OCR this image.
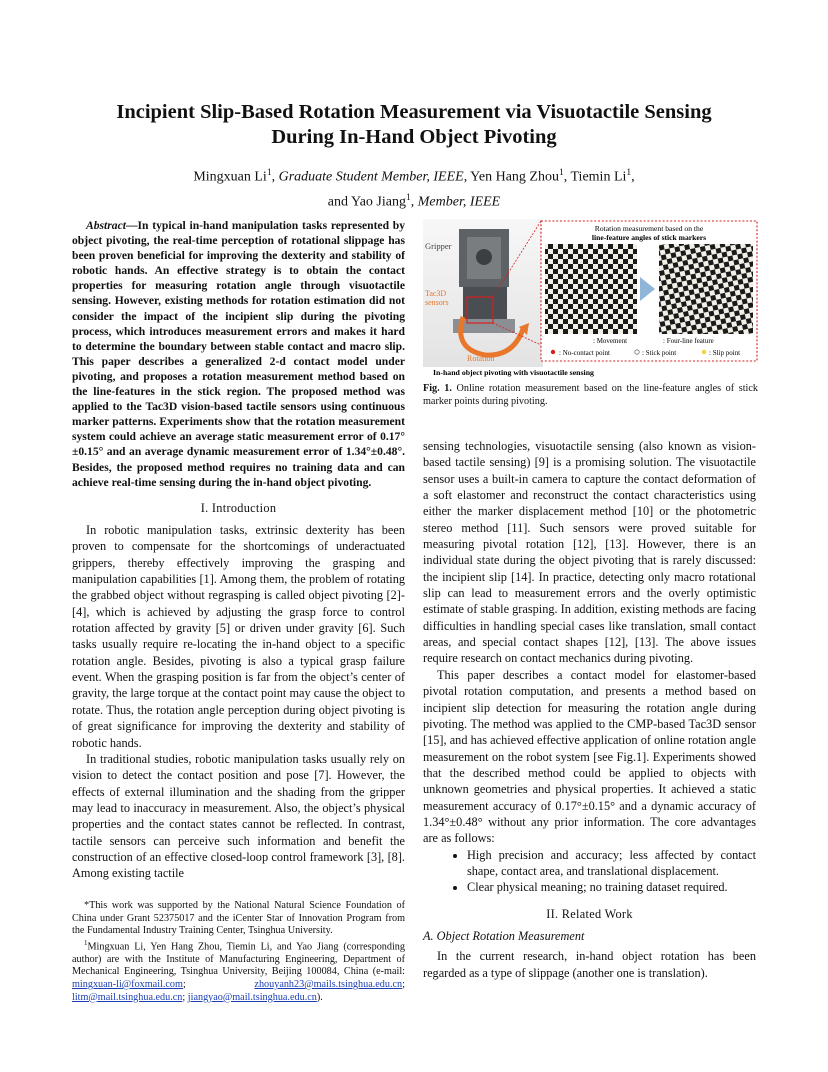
Incipient Slip-Based Rotation Measurement via Visuotactile Sensing
During In-Hand Object Pivoting

Mingxuan Li$^1$, Graduate Student Member, IEEE, Yen Hang Zhou$^1$, Tiemin Li$^1$,

and Yao Jiang$^1$, Member, IEEE

Abstract—In typical in-hand manipulation tasks represented by object pivoting, the real-time perception of rotational slippage has been proven beneficial for improving the dexterity and stability of robotic hands. An effective strategy is to obtain the contact properties for measuring rotation angle through visuotactile sensing. However, existing methods for rotation estimation did not consider the impact of the incipient slip during the pivoting process, which introduces measurement errors and makes it hard to determine the boundary between stable contact and macro slip. This paper describes a generalized 2-d contact model under pivoting, and proposes a rotation measurement method based on the line-features in the stick region. The proposed method was applied to the Tac3D vision-based tactile sensors using continuous marker patterns. Experiments show that the rotation measurement system could achieve an average static measurement error of 0.17°±0.15° and an average dynamic measurement error of 1.34°±0.48°. Besides, the proposed method requires no training data and can achieve real-time sensing during the in-hand object pivoting.

I. Introduction

In robotic manipulation tasks, extrinsic dexterity has been proven to compensate for the shortcomings of underactuated grippers, thereby effectively improving the grasping and manipulation capabilities [1]. Among them, the problem of rotating the grabbed object without regrasping is called object pivoting [2]-[4], which is achieved by adjusting the grasp force to control rotation affected by gravity [5] or driven under gravity [6]. Such tasks usually require re-locating the in-hand object to a specific rotation angle. Besides, pivoting is also a typical grasp failure event. When the grasping position is far from the object’s center of gravity, the large torque at the contact point may cause the object to rotate. Thus, the rotation angle perception during object pivoting is of great significance for improving the dexterity and stability of robotic hands.

In traditional studies, robotic manipulation tasks usually rely on vision to detect the contact position and pose [7]. However, the effects of external illumination and the shading from the gripper may lead to inaccuracy in measurement. Also, the object’s physical properties and the contact states cannot be reflected. In contrast, tactile sensors can perceive such information and benefit the construction of an effective closed-loop control framework [3], [8]. Among existing tactile

*This work was supported by the National Natural Science Foundation of China under Grant 52375017 and the iCenter Star of Innovation Program from the Fundamental Industry Training Center, Tsinghua University.

$^1$Mingxuan Li, Yen Hang Zhou, Tiemin Li, and Yao Jiang (corresponding author) are with the Institute of Manufacturing Engineering, Department of Mechanical Engineering, Tsinghua University, Beijing 100084, China (e-mail: mingxuan-li@foxmail.com; zhouyanh23@mails.tsinghua.edu.cn; litm@mail.tsinghua.edu.cn; jiangyao@mail.tsinghua.edu.cn).

Gripper
Tac3D
sensors
Rotation
Rotation measurement based on the
line-feature angles of stick markers
: Movement	: Four-line feature
: No-contact point	: Stick point	: Slip point
In-hand object pivoting with visuotactile sensing
Fig. 1. Online rotation measurement based on the line-feature angles of stick marker points during pivoting.

sensing technologies, visuotactile sensing (also known as vision-based tactile sensing) [9] is a promising solution. The visuotactile sensor uses a built-in camera to capture the contact deformation of a soft elastomer and reconstruct the contact characteristics using either the marker displacement method [10] or the photometric stereo method [11]. Such sensors were proved suitable for measuring pivotal rotation [12], [13]. However, there is an individual state during the object pivoting that is rarely discussed: the incipient slip [14]. In practice, detecting only macro rotational slip can lead to measurement errors and the overly optimistic estimate of stable grasping. In addition, existing methods are facing difficulties in handling special cases like translation, small contact areas, and special contact shapes [12], [13]. The above issues require research on contact mechanics during pivoting.

This paper describes a contact model for elastomer-based pivotal rotation computation, and presents a method based on incipient slip detection for measuring the rotation angle during pivoting. The method was applied to the CMP-based Tac3D sensor [15], and has achieved effective application of online rotation angle measurement on the robot system [see Fig.1]. Experiments showed that the described method could be applied to objects with unknown geometries and physical properties. It achieved a static measurement accuracy of 0.17°±0.15° and a dynamic accuracy of 1.34°±0.48° without any prior information. The core advantages are as follows:

• High precision and accuracy; less affected by contact shape, contact area, and translational displacement.
• Clear physical meaning; no training dataset required.
II. Related Work
A. Object Rotation Measurement

In the current research, in-hand object rotation has been regarded as a type of slippage (another one is translation).
